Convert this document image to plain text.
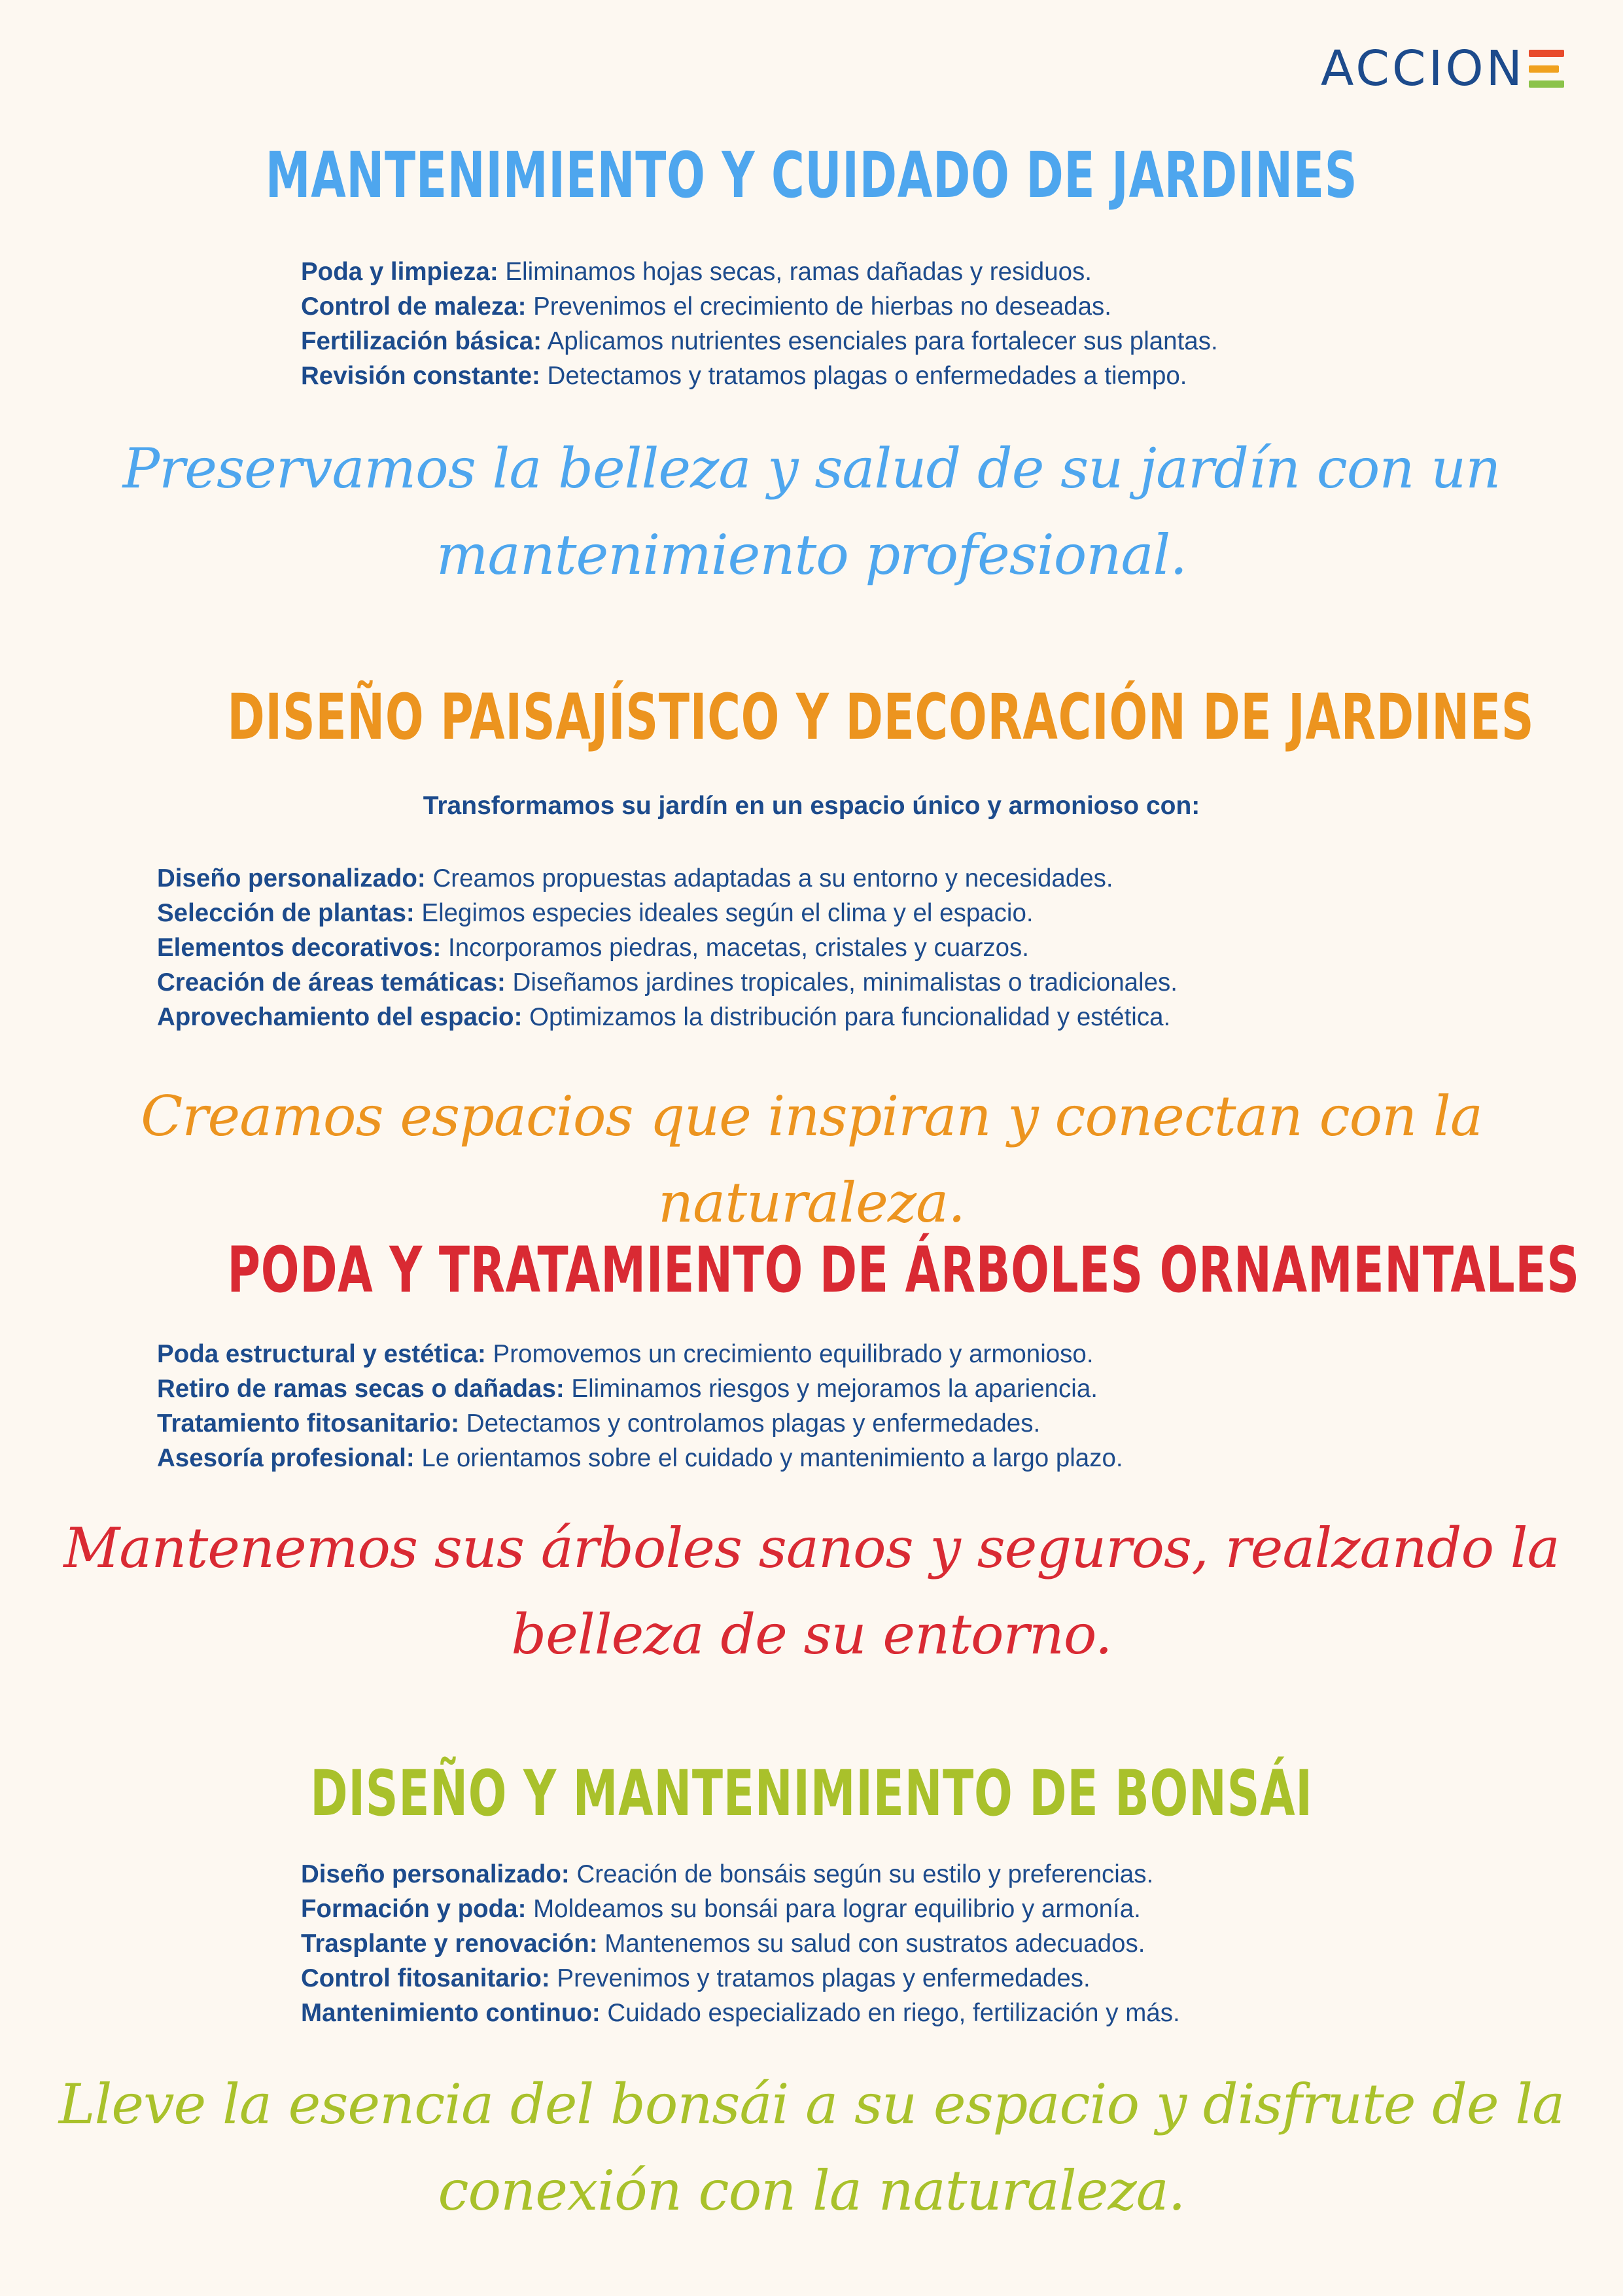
ACCION
MANTENIMIENTO Y CUIDADO DE JARDINES
Poda y limpieza: Eliminamos hojas secas, ramas dañadas y residuos.
Control de maleza: Prevenimos el crecimiento de hierbas no deseadas.
Fertilización básica: Aplicamos nutrientes esenciales para fortalecer sus plantas.
Revisión constante: Detectamos y tratamos plagas o enfermedades a tiempo.
Preservamos la belleza y salud de su jardín con un
mantenimiento profesional.
DISEÑO PAISAJÍSTICO Y DECORACIÓN DE JARDINES
Transformamos su jardín en un espacio único y armonioso con:
Diseño personalizado: Creamos propuestas adaptadas a su entorno y necesidades.
Selección de plantas: Elegimos especies ideales según el clima y el espacio.
Elementos decorativos: Incorporamos piedras, macetas, cristales y cuarzos.
Creación de áreas temáticas: Diseñamos jardines tropicales, minimalistas o tradicionales.
Aprovechamiento del espacio: Optimizamos la distribución para funcionalidad y estética.
Creamos espacios que inspiran y conectan con la naturaleza.
PODA Y TRATAMIENTO DE ÁRBOLES ORNAMENTALES
Poda estructural y estética: Promovemos un crecimiento equilibrado y armonioso.
Retiro de ramas secas o dañadas: Eliminamos riesgos y mejoramos la apariencia.
Tratamiento fitosanitario: Detectamos y controlamos plagas y enfermedades.
Asesoría profesional: Le orientamos sobre el cuidado y mantenimiento a largo plazo.
Mantenemos sus árboles sanos y seguros, realzando la
belleza de su entorno.
DISEÑO Y MANTENIMIENTO DE BONSÁI
Diseño personalizado: Creación de bonsáis según su estilo y preferencias.
Formación y poda: Moldeamos su bonsái para lograr equilibrio y armonía.
Trasplante y renovación: Mantenemos su salud con sustratos adecuados.
Control fitosanitario: Prevenimos y tratamos plagas y enfermedades.
Mantenimiento continuo: Cuidado especializado en riego, fertilización y más.
Lleve la esencia del bonsái a su espacio y disfrute de la
conexión con la naturaleza.
